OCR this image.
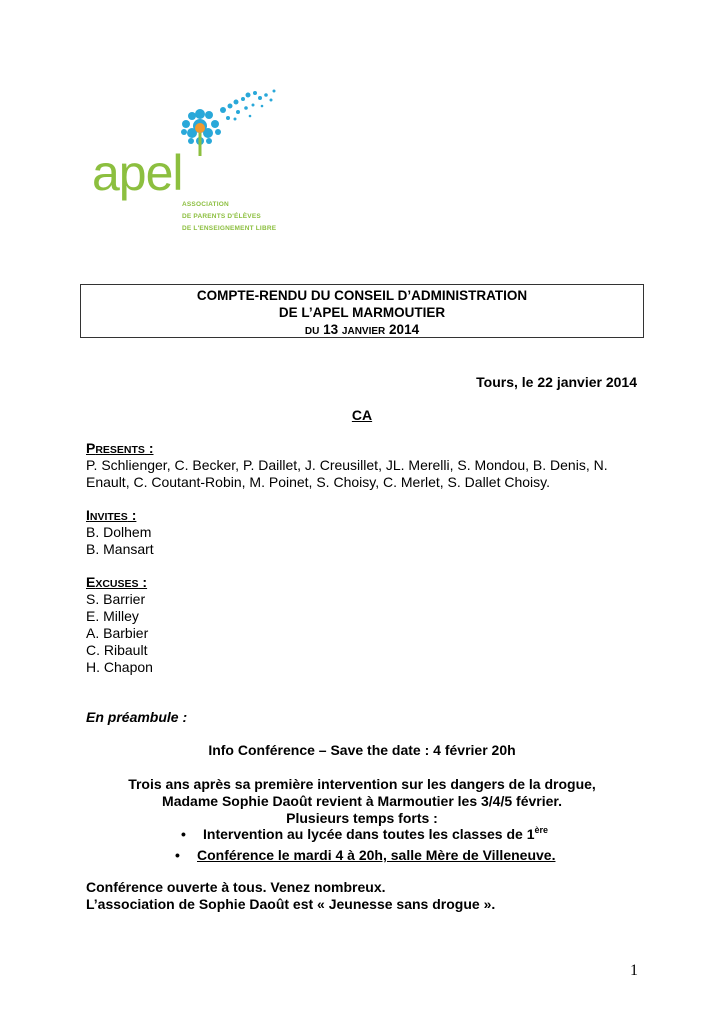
apel
ASSOCIATION
DE PARENTS D'ÉLÈVES
DE L'ENSEIGNEMENT LIBRE
COMPTE-RENDU DU CONSEIL D’ADMINISTRATION
DE L’APEL MARMOUTIER
DU 13 JANVIER 2014
Tours, le 22 janvier 2014
CA
PRESENTS :
P. Schlienger, C. Becker, P. Daillet, J. Creusillet, JL. Merelli, S. Mondou, B. Denis, N.
Enault, C. Coutant-Robin, M. Poinet, S. Choisy, C. Merlet, S. Dallet Choisy.
INVITES :
B. Dolhem
B. Mansart
EXCUSES :
S. Barrier
E. Milley
A. Barbier
C. Ribault
H. Chapon
En préambule :
Info Conférence – Save the date : 4 février 20h
Trois ans après sa première intervention sur les dangers de la drogue,
Madame Sophie Daoût revient à Marmoutier les 3/4/5 février.
Plusieurs temps forts :
•	Intervention au lycée dans toutes les classes de 1ère
•	Conférence le mardi 4 à 20h, salle Mère de Villeneuve.
Conférence ouverte à tous. Venez nombreux.
L’association de Sophie Daoût est « Jeunesse sans drogue ».
1
